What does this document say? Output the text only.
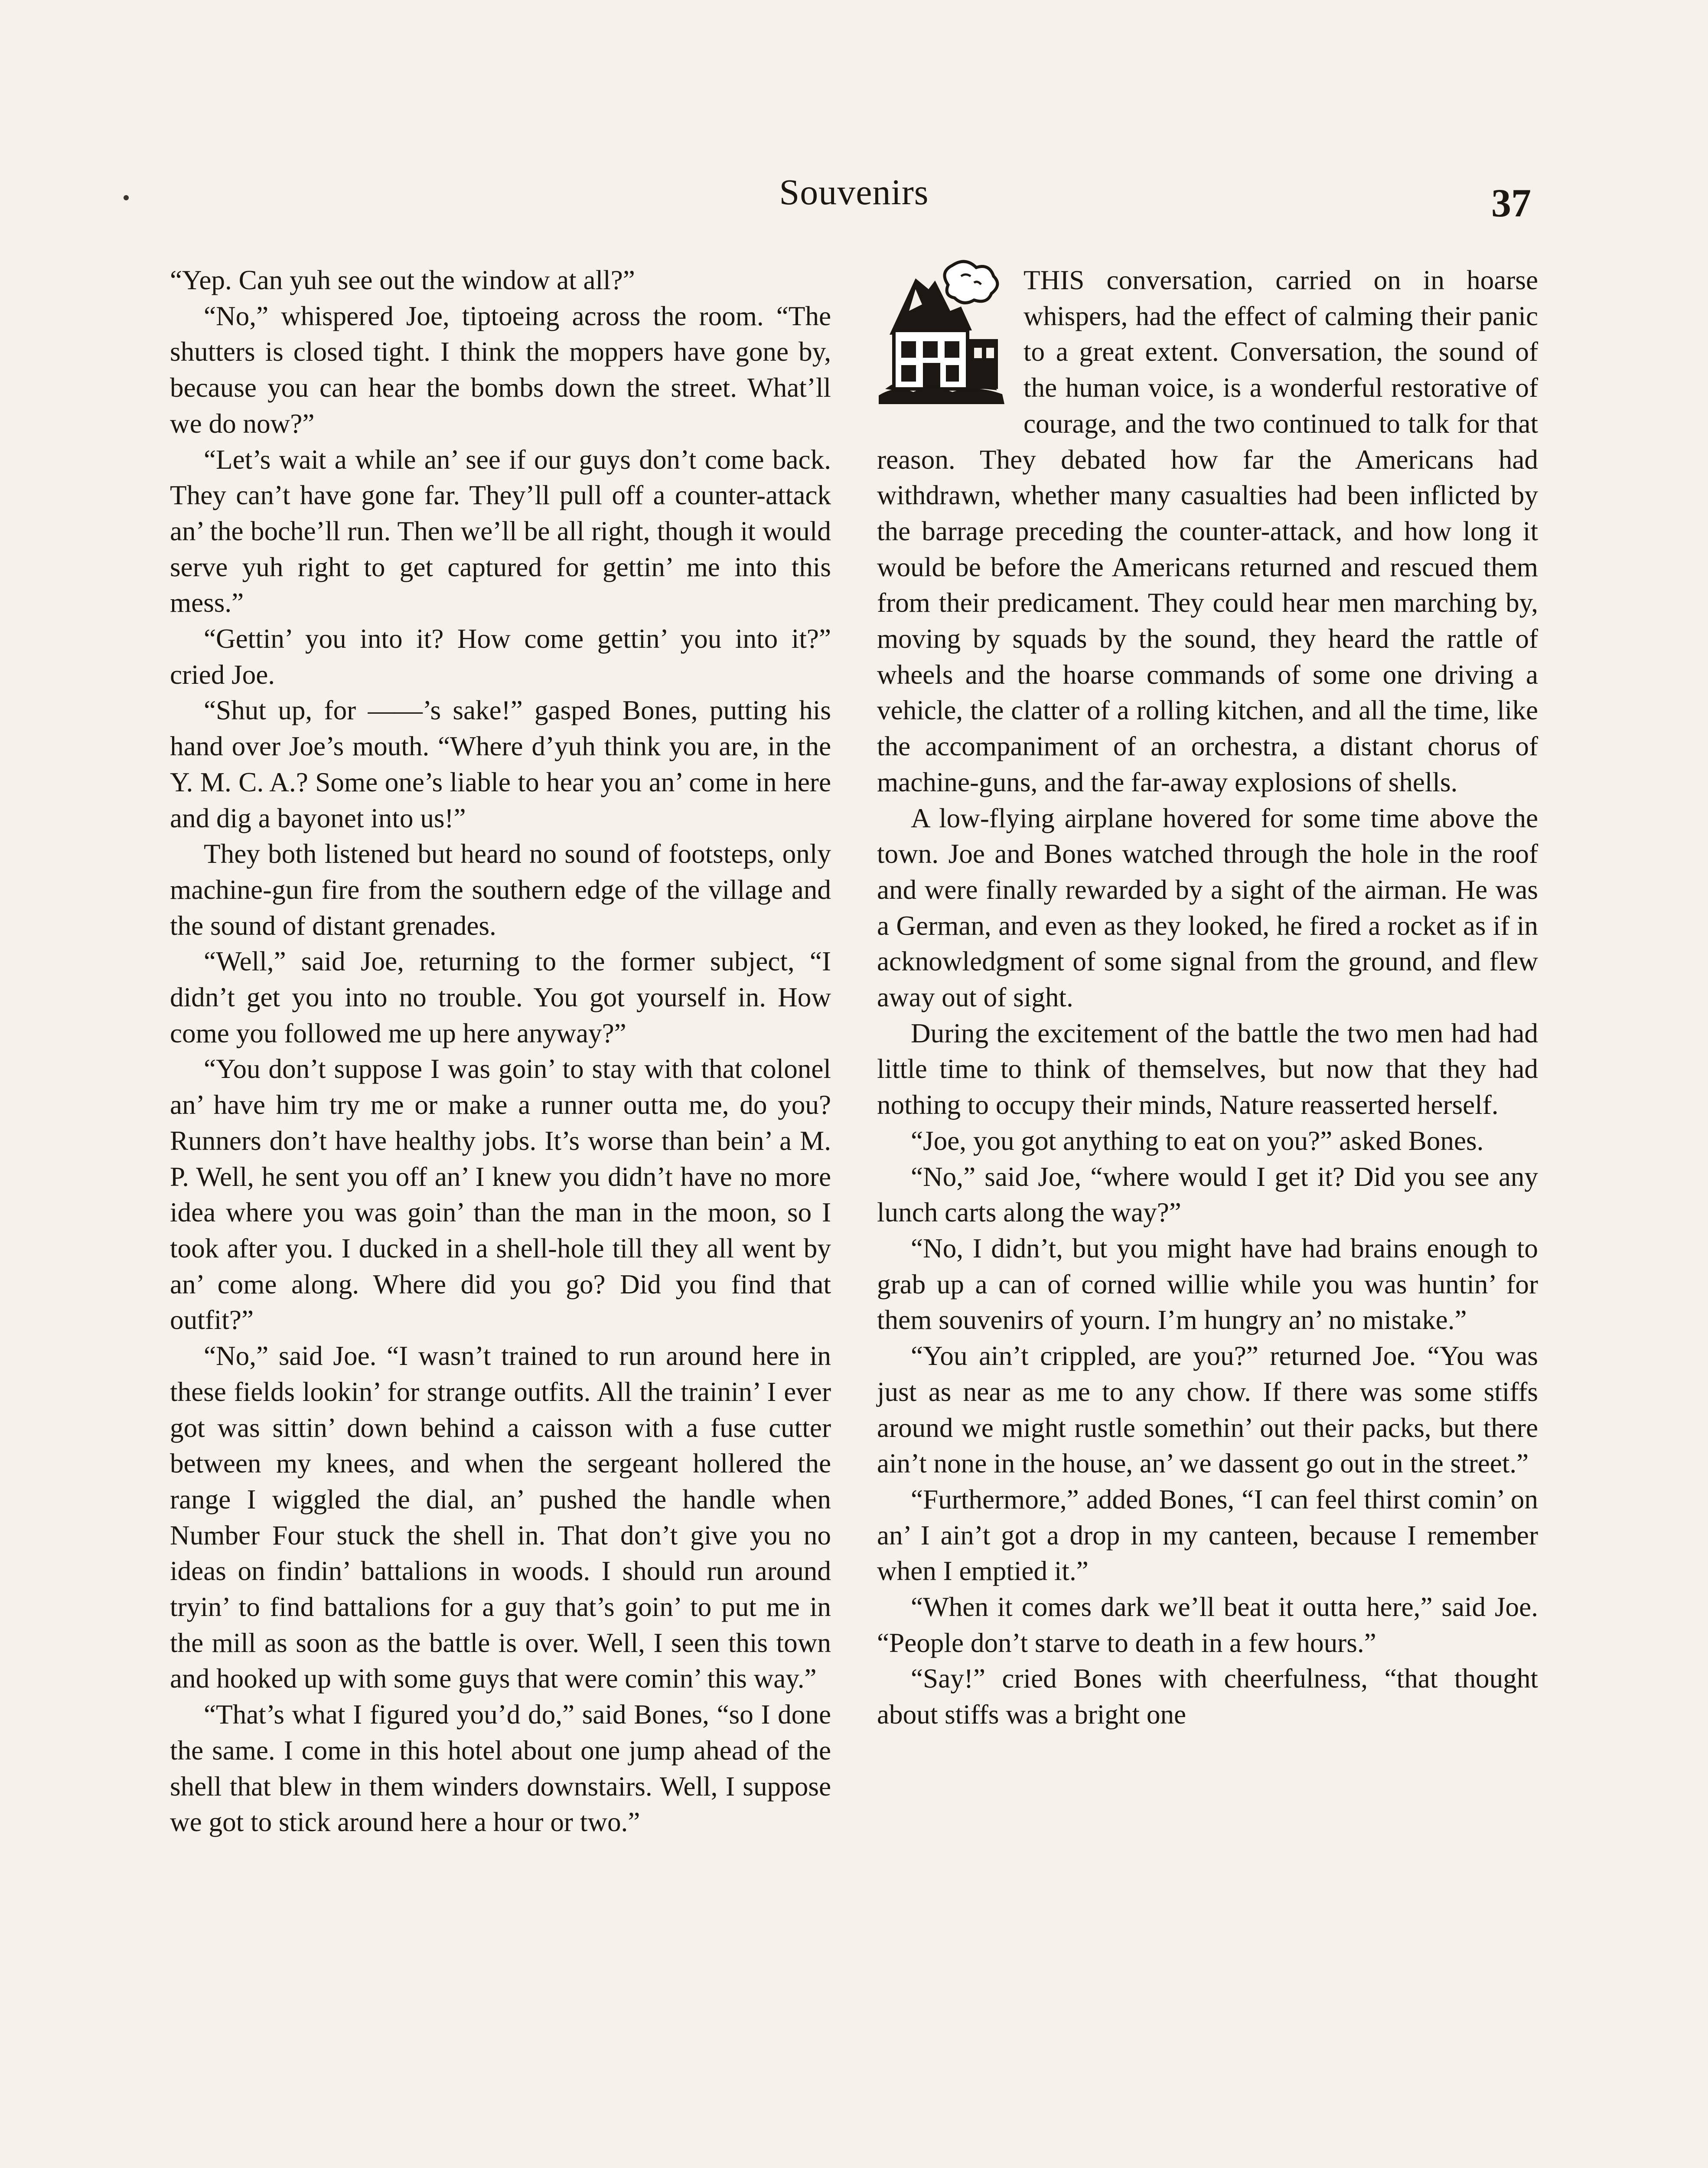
Souvenirs	37

“Yep. Can yuh see out the window at all?”

“No,” whispered Joe, tiptoeing across the room. “The shutters is closed tight. I think the moppers have gone by, because you can hear the bombs down the street. What’ll we do now?”

“Let’s wait a while an’ see if our guys don’t come back. They can’t have gone far. They’ll pull off a counter-attack an’ the boche’ll run. Then we’ll be all right, though it would serve yuh right to get captured for gettin’ me into this mess.”

“Gettin’ you into it? How come gettin’ you into it?” cried Joe.

“Shut up, for ——’s sake!” gasped Bones, putting his hand over Joe’s mouth. “Where d’yuh think you are, in the Y. M. C. A.? Some one’s liable to hear you an’ come in here and dig a bayonet into us!”

They both listened but heard no sound of footsteps, only machine-gun fire from the southern edge of the village and the sound of distant grenades.

“Well,” said Joe, returning to the former subject, “I didn’t get you into no trouble. You got yourself in. How come you followed me up here anyway?”

“You don’t suppose I was goin’ to stay with that colonel an’ have him try me or make a runner outta me, do you? Runners don’t have healthy jobs. It’s worse than bein’ a M. P. Well, he sent you off an’ I knew you didn’t have no more idea where you was goin’ than the man in the moon, so I took after you. I ducked in a shell-hole till they all went by an’ come along. Where did you go? Did you find that outfit?”

“No,” said Joe. “I wasn’t trained to run around here in these fields lookin’ for strange outfits. All the trainin’ I ever got was sittin’ down behind a caisson with a fuse cutter between my knees, and when the sergeant hollered the range I wiggled the dial, an’ pushed the handle when Number Four stuck the shell in. That don’t give you no ideas on findin’ battalions in woods. I should run around tryin’ to find battalions for a guy that’s goin’ to put me in the mill as soon as the battle is over. Well, I seen this town and hooked up with some guys that were comin’ this way.”

“That’s what I figured you’d do,” said Bones, “so I done the same. I come in this hotel about one jump ahead of the shell that blew in them winders downstairs. Well, I suppose we got to stick around here a hour or two.”

THIS conversation, carried on in hoarse whispers, had the effect of calming their panic to a great extent. Conversation, the sound of the human voice, is a wonderful restorative of courage, and the two continued to talk for that reason. They debated how far the Americans had withdrawn, whether many casualties had been inflicted by the barrage preceding the counter-attack, and how long it would be before the Americans returned and rescued them from their predicament. They could hear men marching by, moving by squads by the sound, they heard the rattle of wheels and the hoarse commands of some one driving a vehicle, the clatter of a rolling kitchen, and all the time, like the accompaniment of an orchestra, a distant chorus of machine-guns, and the far-away explosions of shells.

A low-flying airplane hovered for some time above the town. Joe and Bones watched through the hole in the roof and were finally rewarded by a sight of the airman. He was a German, and even as they looked, he fired a rocket as if in acknowledgment of some signal from the ground, and flew away out of sight.

During the excitement of the battle the two men had had little time to think of themselves, but now that they had nothing to occupy their minds, Nature reasserted herself.

“Joe, you got anything to eat on you?” asked Bones.

“No,” said Joe, “where would I get it? Did you see any lunch carts along the way?”

“No, I didn’t, but you might have had brains enough to grab up a can of corned willie while you was huntin’ for them souvenirs of yourn. I’m hungry an’ no mistake.”

“You ain’t crippled, are you?” returned Joe. “You was just as near as me to any chow. If there was some stiffs around we might rustle somethin’ out their packs, but there ain’t none in the house, an’ we dassent go out in the street.”

“Furthermore,” added Bones, “I can feel thirst comin’ on an’ I ain’t got a drop in my canteen, because I remember when I emptied it.”

“When it comes dark we’ll beat it outta here,” said Joe. “People don’t starve to death in a few hours.”

“Say!” cried Bones with cheerfulness, “that thought about stiffs was a bright one
